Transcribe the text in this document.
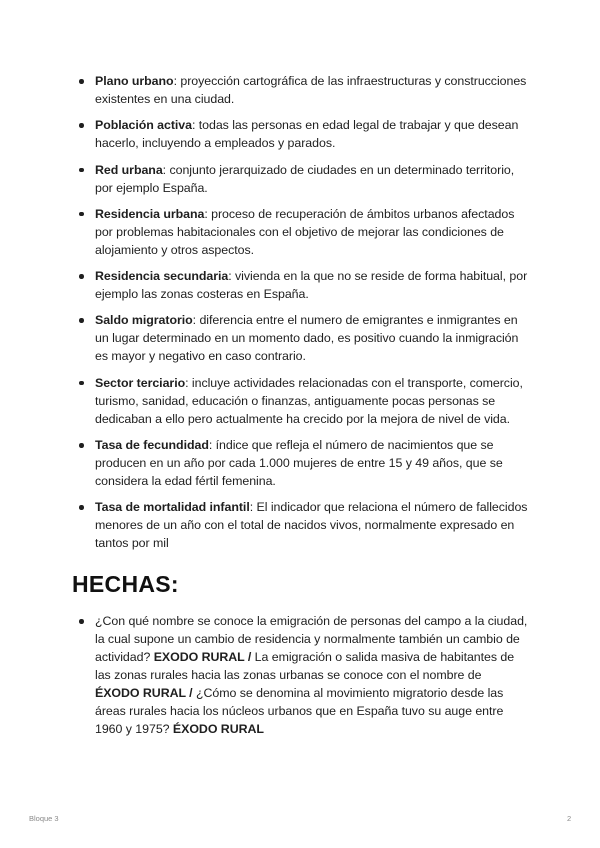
Plano urbano: proyección cartográfica de las infraestructuras y construcciones existentes en una ciudad.
Población activa: todas las personas en edad legal de trabajar y que desean hacerlo, incluyendo a empleados y parados.
Red urbana: conjunto jerarquizado de ciudades en un determinado territorio, por ejemplo España.
Residencia urbana: proceso de recuperación de ámbitos urbanos afectados por problemas habitacionales con el objetivo de mejorar las condiciones de alojamiento y otros aspectos.
Residencia secundaria: vivienda en la que no se reside de forma habitual, por ejemplo las zonas costeras en España.
Saldo migratorio: diferencia entre el numero de emigrantes e inmigrantes en un lugar determinado en un momento dado, es positivo cuando la inmigración es mayor y negativo en caso contrario.
Sector terciario: incluye actividades relacionadas con el transporte, comercio, turismo, sanidad, educación o finanzas, antiguamente pocas personas se dedicaban a ello pero actualmente ha crecido por la mejora de nivel de vida.
Tasa de fecundidad: índice que refleja el número de nacimientos que se producen en un año por cada 1.000 mujeres de entre 15 y 49 años, que se considera la edad fértil femenina.
Tasa de mortalidad infantil: El indicador que relaciona el número de fallecidos menores de un año con el total de nacidos vivos, normalmente expresado en tantos por mil
HECHAS:
¿Con qué nombre se conoce la emigración de personas del campo a la ciudad, la cual supone un cambio de residencia y normalmente también un cambio de actividad? EXODO RURAL / La emigración o salida masiva de habitantes de las zonas rurales hacia las zonas urbanas se conoce con el nombre de ÉXODO RURAL / ¿Cómo se denomina al movimiento migratorio desde las áreas rurales hacia los núcleos urbanos que en España tuvo su auge entre 1960 y 1975? ÉXODO RURAL
Bloque 3	2
